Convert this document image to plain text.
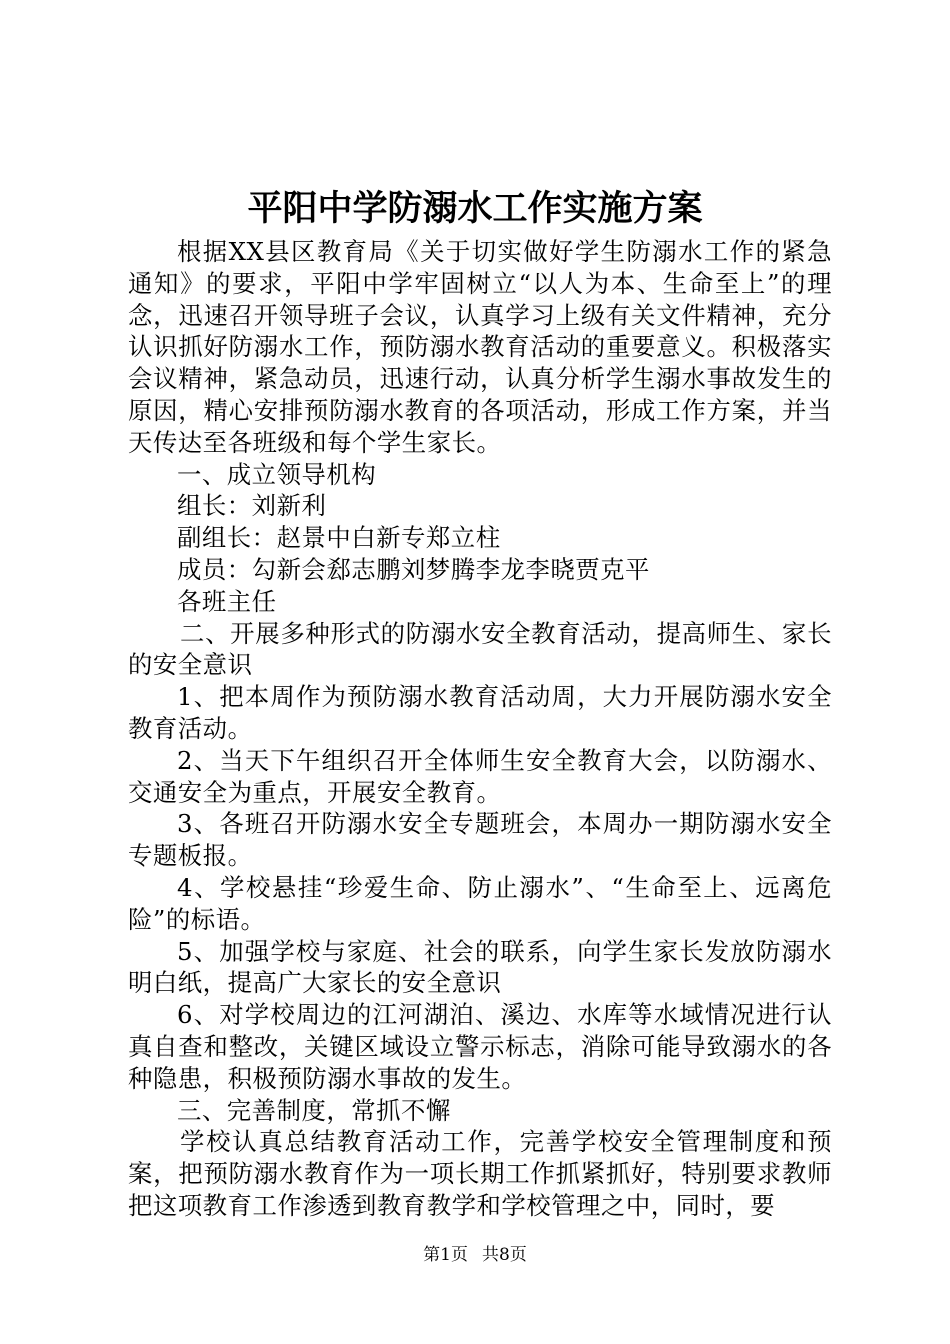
平阳中学防溺水工作实施方案

根据XX县区教育局《关于切实做好学生防溺水工作的紧急通知》的要求，平阳中学牢固树立“以人为本、生命至上”的理念，迅速召开领导班子会议，认真学习上级有关文件精神，充分认识抓好防溺水工作，预防溺水教育活动的重要意义。积极落实会议精神，紧急动员，迅速行动，认真分析学生溺水事故发生的原因，精心安排预防溺水教育的各项活动，形成工作方案，并当天传达至各班级和每个学生家长。

一、成立领导机构

组长：刘新利

副组长：赵景中白新专郑立柱

成员：勾新会郄志鹏刘梦腾李龙李晓贾克平

各班主任

二、开展多种形式的防溺水安全教育活动，提高师生、家长的安全意识

1、把本周作为预防溺水教育活动周，大力开展防溺水安全教育活动。

2、当天下午组织召开全体师生安全教育大会，以防溺水、交通安全为重点，开展安全教育。

3、各班召开防溺水安全专题班会，本周办一期防溺水安全专题板报。

4、学校悬挂“珍爱生命、防止溺水”、“生命至上、远离危险”的标语。

5、加强学校与家庭、社会的联系，向学生家长发放防溺水明白纸，提高广大家长的安全意识

6、对学校周边的江河湖泊、溪边、水库等水域情况进行认真自查和整改，关键区域设立警示标志，消除可能导致溺水的各种隐患，积极预防溺水事故的发生。

三、完善制度，常抓不懈

学校认真总结教育活动工作，完善学校安全管理制度和预案，把预防溺水教育作为一项长期工作抓紧抓好，特别要求教师把这项教育工作渗透到教育教学和学校管理之中，同时，要

第1页 共8页
